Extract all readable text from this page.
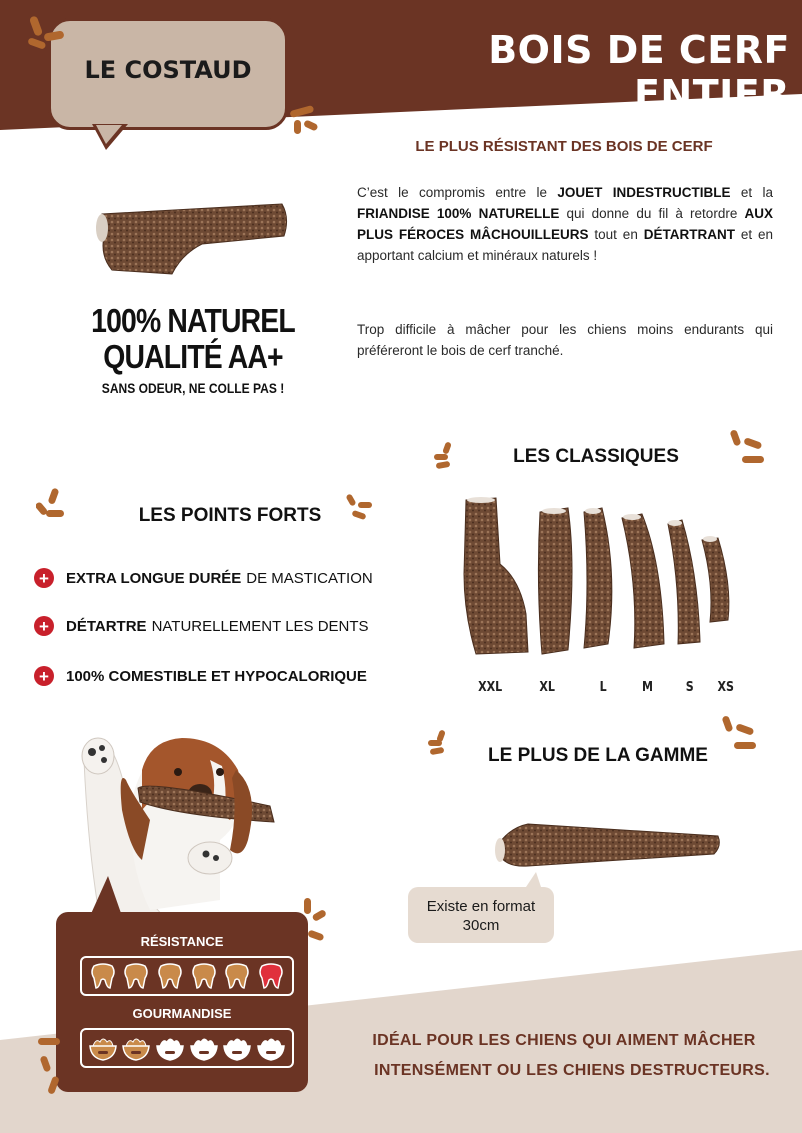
BOIS DE CERF ENTIER
LE COSTAUD
LE PLUS RÉSISTANT DES BOIS DE CERF
C’est le compromis entre le JOUET INDESTRUCTIBLE et la FRIANDISE 100% NATURELLE qui donne du fil à retordre AUX PLUS FÉROCES MÂCHOUILLEURS tout en DÉTARTRANT et en apportant calcium et minéraux naturels !
Trop difficile à mâcher pour les chiens moins endurants qui préféreront le bois de cerf tranché.
100% NATUREL
QUALITÉ AA+
SANS ODEUR, NE COLLE PAS !
LES POINTS FORTS
+	EXTRA LONGUE DURÉE DE MASTICATION
+	DÉTARTRE NATURELLEMENT LES DENTS
+	100% COMESTIBLE ET HYPOCALORIQUE
LES CLASSIQUES
XXL	XL	L	M	S XS
LE PLUS DE LA GAMME
Existe en format 30cm
RÉSISTANCE
GOURMANDISE
IDÉAL POUR LES CHIENS QUI AIMENT MÂCHER
INTENSÉMENT OU LES CHIENS DESTRUCTEURS.
